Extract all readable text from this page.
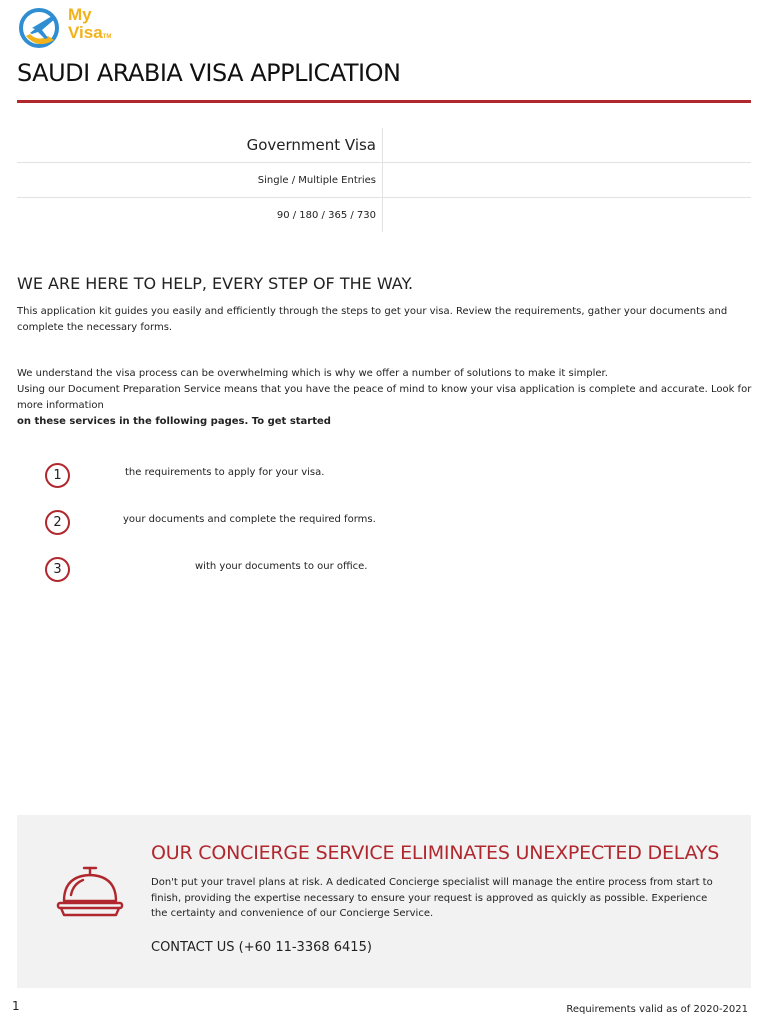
My
VisaTM
SAUDI ARABIA VISA APPLICATION
Government Visa
Single / Multiple Entries
90 / 180 / 365 / 730
WE ARE HERE TO HELP, EVERY STEP OF THE WAY.

This application kit guides you easily and efficiently through the steps to get your visa. Review the requirements, gather your documents and complete the necessary forms.

We understand the visa process can be overwhelming which is why we offer a number of solutions to make it simpler.
Using our Document Preparation Service means that you have the peace of mind to know your visa application is complete and accurate. Look for more information
on these services in the following pages. To get started

1	the requirements to apply for your visa.
2	your documents and complete the required forms.
3	with your documents to our office.
OUR CONCIERGE SERVICE ELIMINATES UNEXPECTED DELAYS

Don't put your travel plans at risk. A dedicated Concierge specialist will manage the entire process from start to finish, providing the expertise necessary to ensure your request is approved as quickly as possible. Experience the certainty and convenience of our Concierge Service.

CONTACT US (+60 11-3368 6415)
1	Requirements valid as of 2020-2021
